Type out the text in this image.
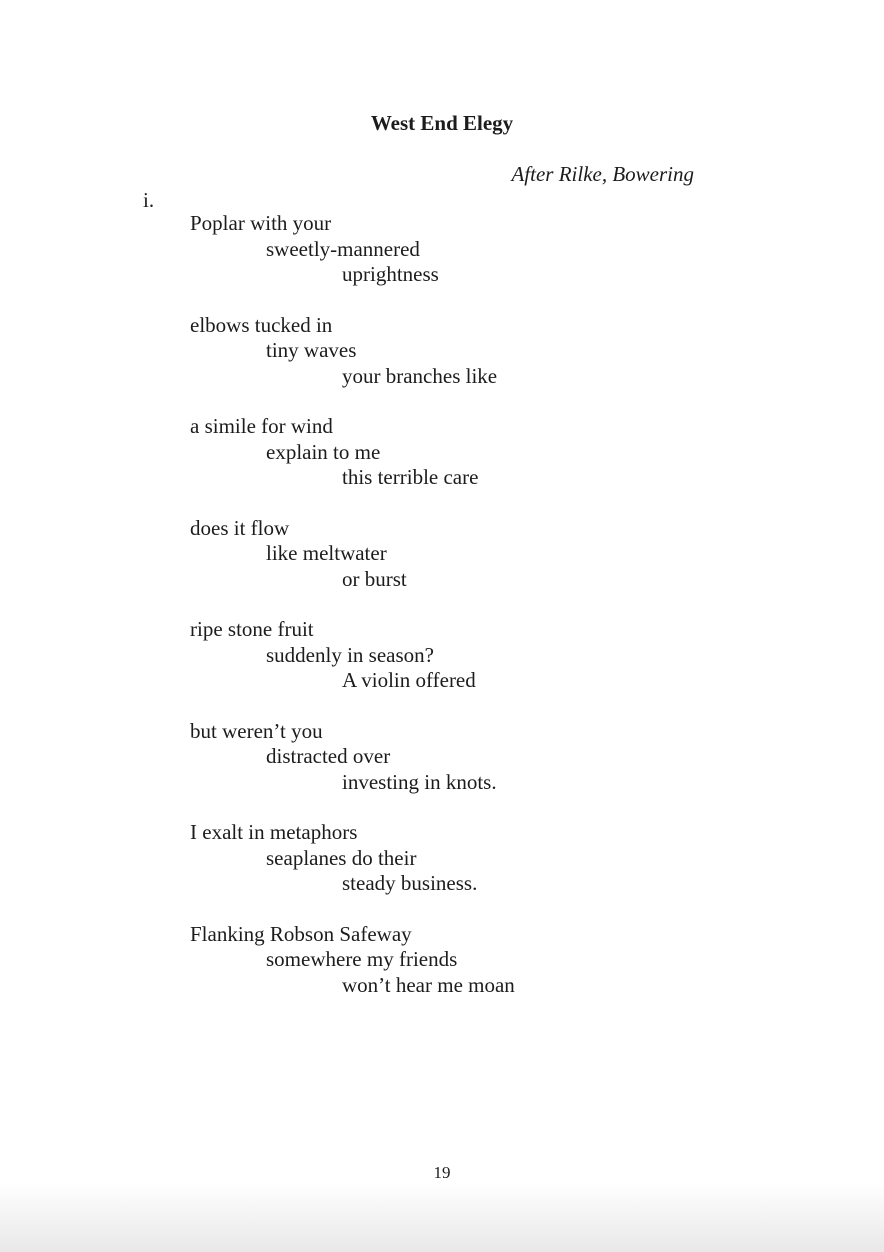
West End Elegy
After Rilke, Bowering
i.
Poplar with your
sweetly-mannered
uprightness
elbows tucked in
tiny waves
your branches like
a simile for wind
explain to me
this terrible care
does it flow
like meltwater
or burst
ripe stone fruit
suddenly in season?
A violin offered
but weren’t you
distracted over
investing in knots.
I exalt in metaphors
seaplanes do their
steady business.
Flanking Robson Safeway
somewhere my friends
won’t hear me moan
19
